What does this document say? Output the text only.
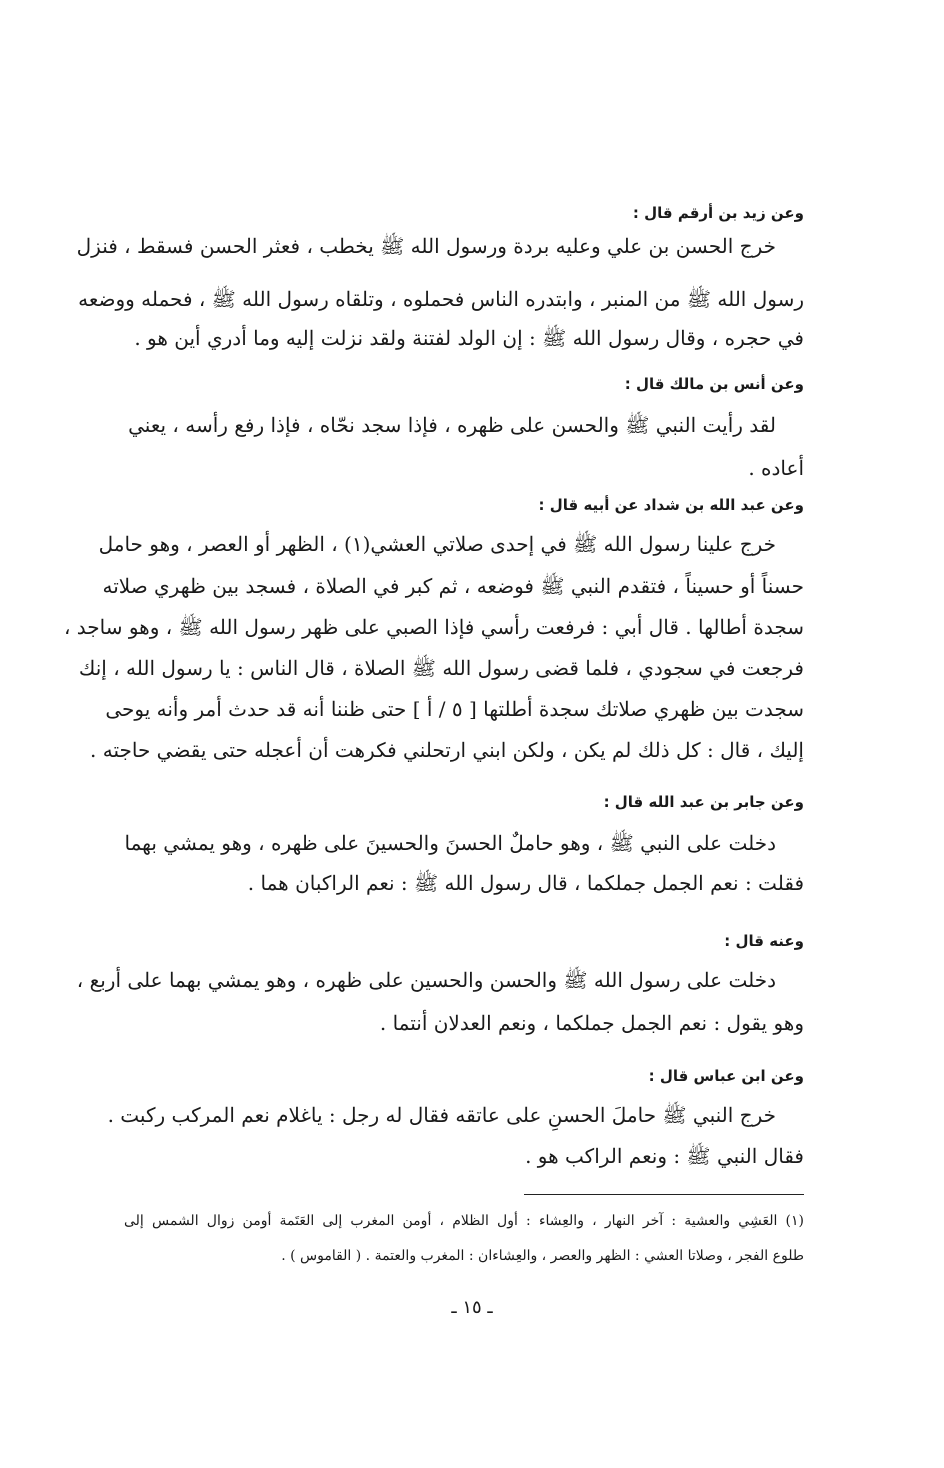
وعن زيد بن أرقم قال :
خرج الحسن بن علي وعليه بردة ورسول الله ﷺ يخطب ، فعثر الحسن فسقط ، فنزل
رسول الله ﷺ من المنبر ، وابتدره الناس فحملوه ، وتلقاه رسول الله ﷺ ، فحمله ووضعه
في حجره ، وقال رسول الله ﷺ : إن الولد لفتنة ولقد نزلت إليه وما أدري أين هو .
وعن أنس بن مالك قال :
لقد رأيت النبي ﷺ والحسن على ظهره ، فإذا سجد نحّاه ، فإذا رفع رأسه ، يعني
أعاده .
وعن عبد الله بن شداد عن أبيه قال :
خرج علينا رسول الله ﷺ في إحدى صلاتي العشي(١) ، الظهر أو العصر ، وهو حامل
حسناً أو حسيناً ، فتقدم النبي ﷺ فوضعه ، ثم كبر في الصلاة ، فسجد بين ظهري صلاته
سجدة أطالها . قال أبي : فرفعت رأسي فإذا الصبي على ظهر رسول الله ﷺ ، وهو ساجد ،
فرجعت في سجودي ، فلما قضى رسول الله ﷺ الصلاة ، قال الناس : يا رسول الله ، إنك
سجدت بين ظهري صلاتك سجدة أطلتها [ ٥ / أ ] حتى ظننا أنه قد حدث أمر وأنه يوحى
إليك ، قال : كل ذلك لم يكن ، ولكن ابني ارتحلني فكرهت أن أعجله حتى يقضي حاجته .
وعن جابر بن عبد الله قال :
دخلت على النبي ﷺ ، وهو حاملٌ الحسنَ والحسينَ على ظهره ، وهو يمشي بهما
فقلت : نعم الجمل جملكما ، قال رسول الله ﷺ : نعم الراكبان هما .
وعنه قال :
دخلت على رسول الله ﷺ والحسن والحسين على ظهره ، وهو يمشي بهما على أربع ،
وهو يقول : نعم الجمل جملكما ، ونعم العدلان أنتما .
وعن ابن عباس قال :
خرج النبي ﷺ حاملَ الحسنِ على عاتقه فقال له رجل : ياغلام نعم المركب ركبت .
فقال النبي ﷺ : ونعم الراكب هو .
(١) العَشِي والعشية : آخر النهار ، والعِشاء : أول الظلام ، أومن المغرب إلى العَتَمة أومن زوال الشمس إلى
طلوع الفجر ، وصلاتا العشي : الظهر والعصر ، والعِشاءان : المغرب والعتمة . ( القاموس ) .
ـ ١٥ ـ
